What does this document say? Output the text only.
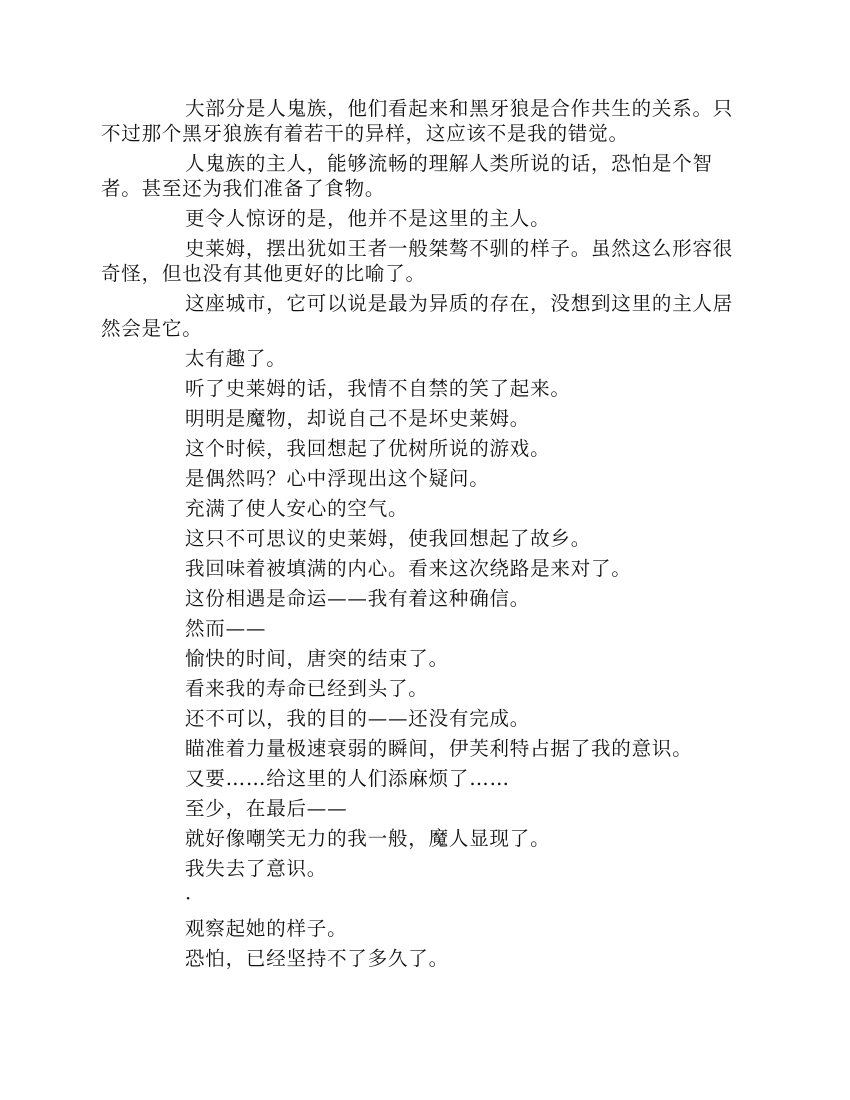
大部分是人鬼族，他们看起来和黑牙狼是合作共生的关系。只不过那个黑牙狼族有着若干的异样，这应该不是我的错觉。

人鬼族的主人，能够流畅的理解人类所说的话，恐怕是个智者。甚至还为我们准备了食物。

更令人惊讶的是，他并不是这里的主人。

史莱姆，摆出犹如王者一般桀骜不驯的样子。虽然这么形容很奇怪，但也没有其他更好的比喻了。

这座城市，它可以说是最为异质的存在，没想到这里的主人居然会是它。

太有趣了。

听了史莱姆的话，我情不自禁的笑了起来。

明明是魔物，却说自己不是坏史莱姆。

这个时候，我回想起了优树所说的游戏。

是偶然吗？心中浮现出这个疑问。

充满了使人安心的空气。

这只不可思议的史莱姆，使我回想起了故乡。

我回味着被填满的内心。看来这次绕路是来对了。

这份相遇是命运——我有着这种确信。

然而——

愉快的时间，唐突的结束了。

看来我的寿命已经到头了。

还不可以，我的目的——还没有完成。

瞄准着力量极速衰弱的瞬间，伊芙利特占据了我的意识。

又要……给这里的人们添麻烦了……

至少，在最后——

就好像嘲笑无力的我一般，魔人显现了。

我失去了意识。

·

观察起她的样子。

恐怕，已经坚持不了多久了。
